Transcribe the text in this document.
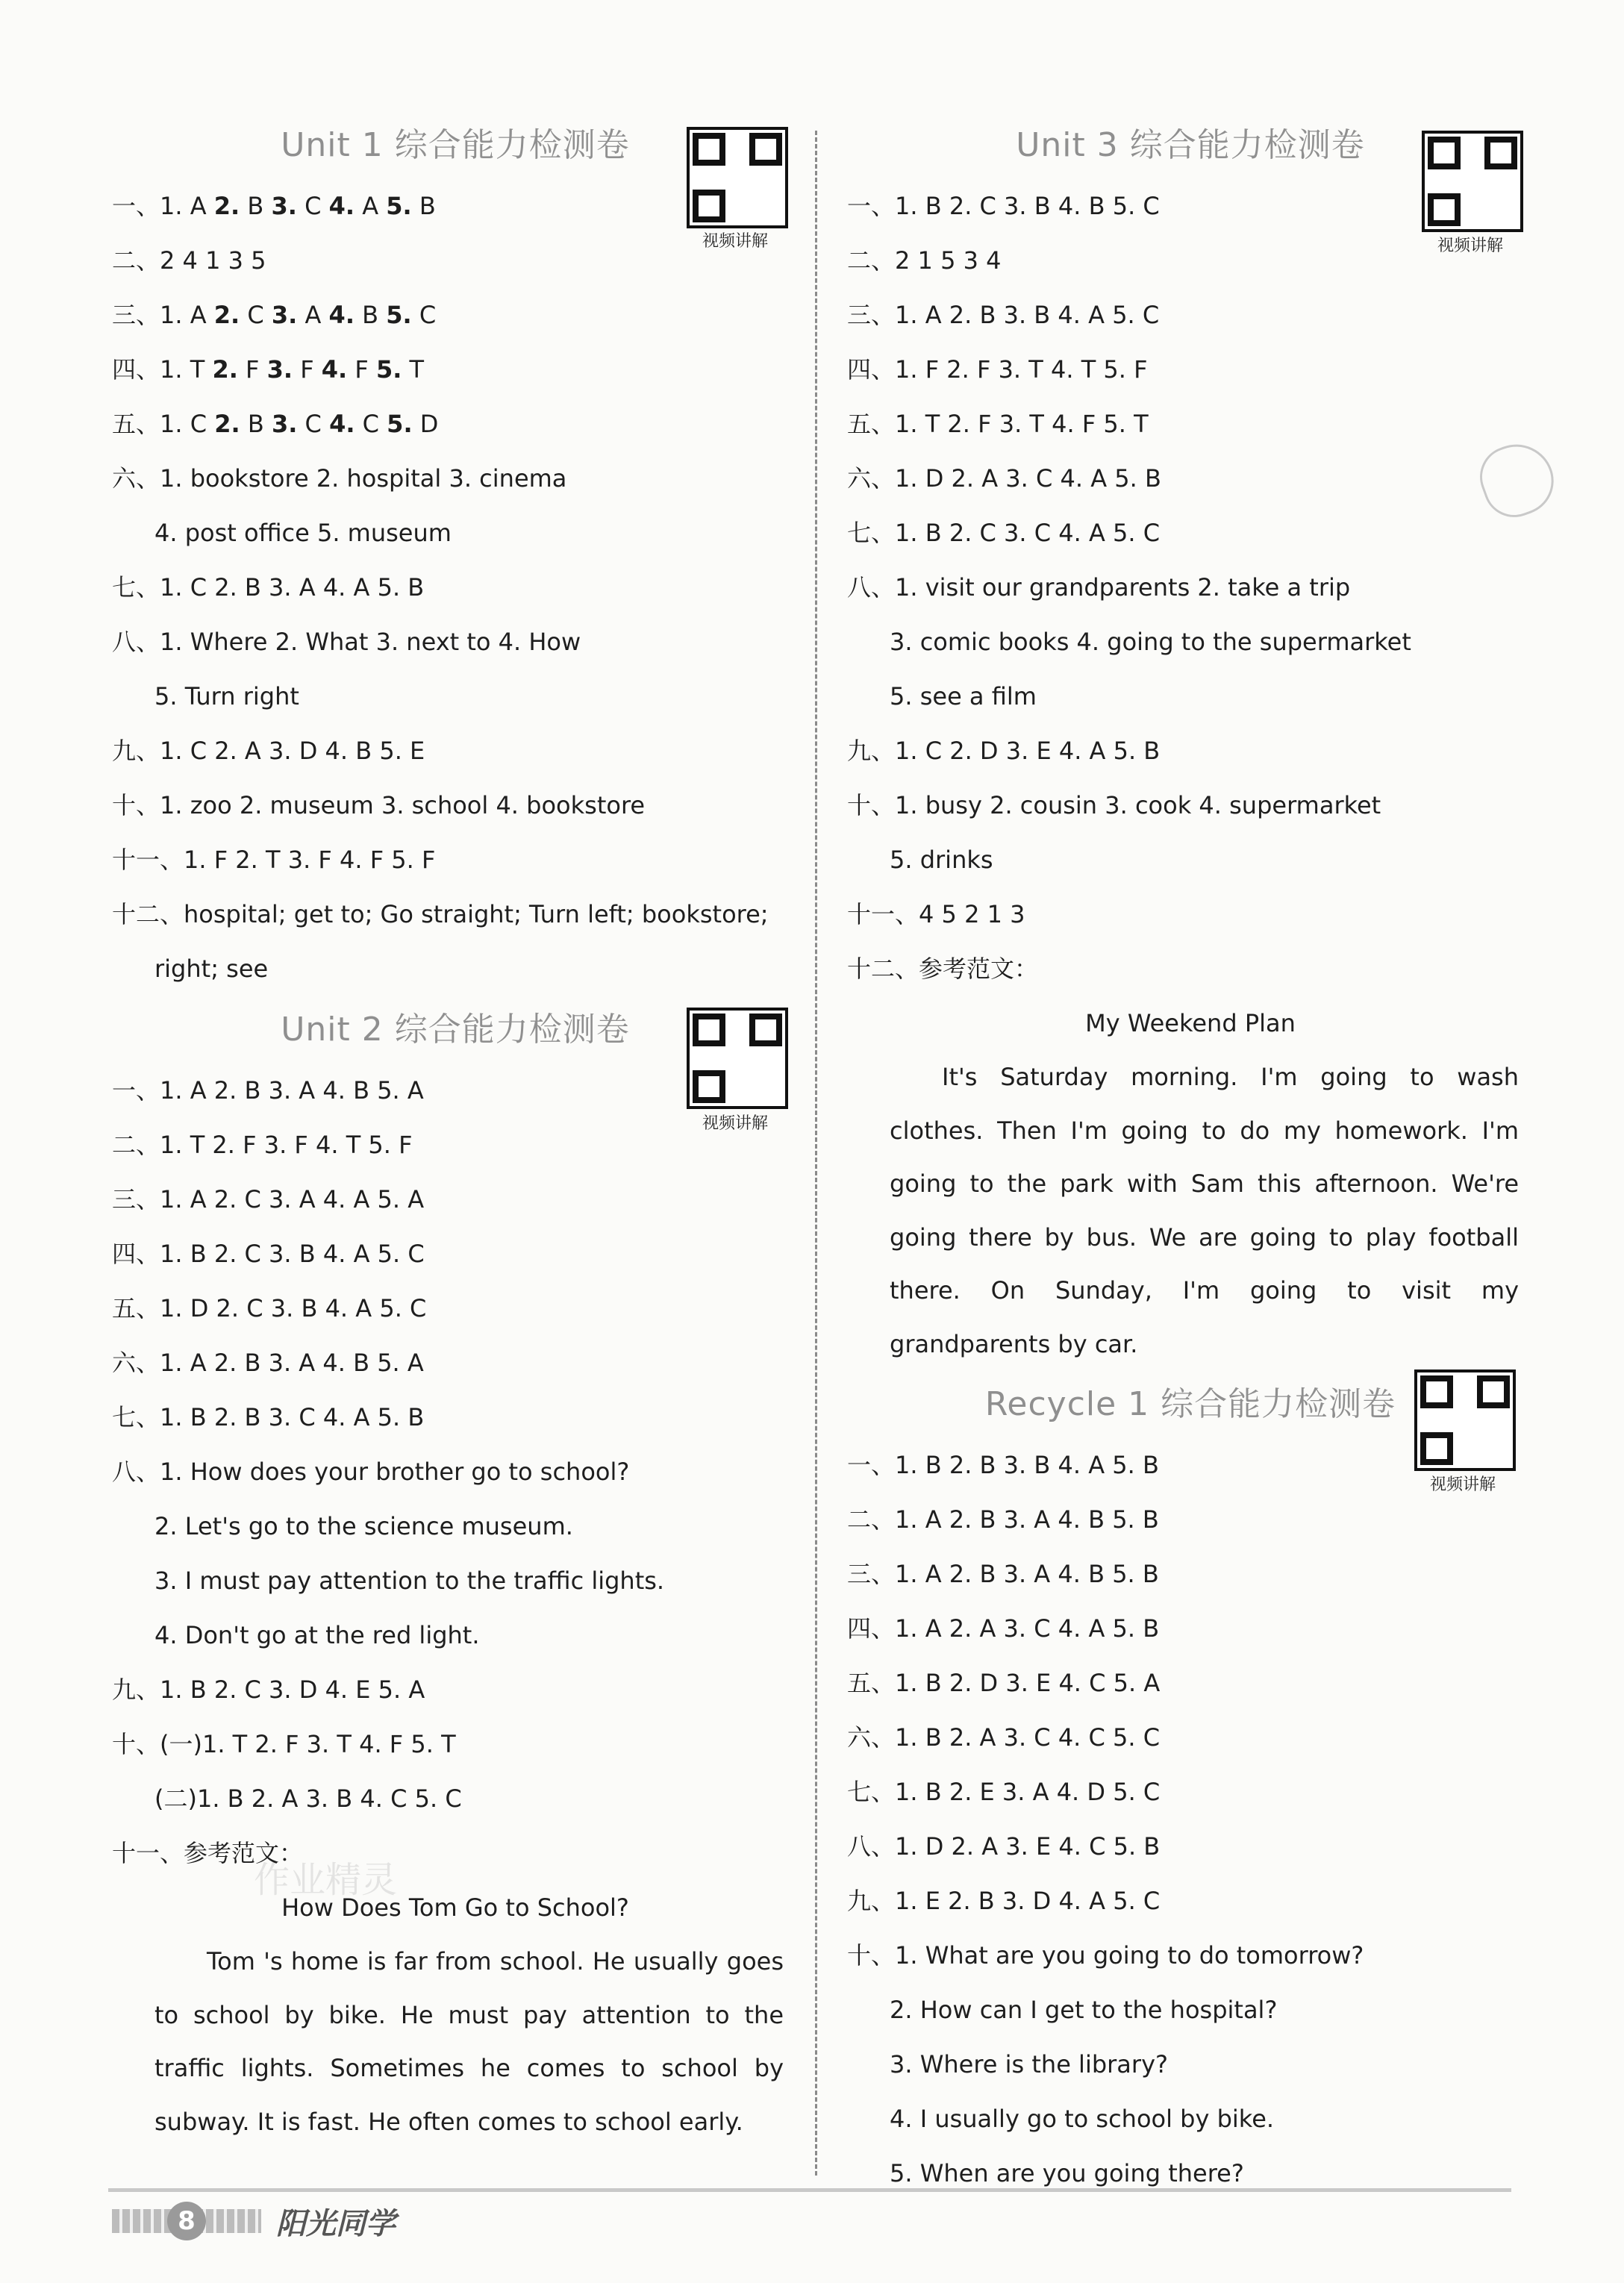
Unit 1 综合能力检测卷
一、1. A 2. B 3. C 4. A 5. B
二、2 4 1 3 5
三、1. A 2. C 3. A 4. B 5. C
四、1. T 2. F 3. F 4. F 5. T
五、1. C 2. B 3. C 4. C 5. D
六、1. bookstore 2. hospital 3. cinema
4. post office 5. museum
七、1. C 2. B 3. A 4. A 5. B
八、1. Where 2. What 3. next to 4. How
5. Turn right
九、1. C 2. A 3. D 4. B 5. E
十、1. zoo 2. museum 3. school 4. bookstore
十一、1. F 2. T 3. F 4. F 5. F
十二、hospital; get to; Go straight; Turn left; bookstore;
right; see
Unit 2 综合能力检测卷
一、1. A 2. B 3. A 4. B 5. A
二、1. T 2. F 3. F 4. T 5. F
三、1. A 2. C 3. A 4. A 5. A
四、1. B 2. C 3. B 4. A 5. C
五、1. D 2. C 3. B 4. A 5. C
六、1. A 2. B 3. A 4. B 5. A
七、1. B 2. B 3. C 4. A 5. B
八、1. How does your brother go to school?
2. Let's go to the science museum.
3. I must pay attention to the traffic lights.
4. Don't go at the red light.
九、1. B 2. C 3. D 4. E 5. A
十、(一)1. T 2. F 3. T 4. F 5. T
(二)1. B 2. A 3. B 4. C 5. C
十一、参考范文：
How Does Tom Go to School?
Tom 's home is far from school. He usually goes to school by bike. He must pay attention to the traffic lights. Sometimes he comes to school by subway. It is fast. He often comes to school early.
Unit 3 综合能力检测卷
一、1. B 2. C 3. B 4. B 5. C
二、2 1 5 3 4
三、1. A 2. B 3. B 4. A 5. C
四、1. F 2. F 3. T 4. T 5. F
五、1. T 2. F 3. T 4. F 5. T
六、1. D 2. A 3. C 4. A 5. B
七、1. B 2. C 3. C 4. A 5. C
八、1. visit our grandparents 2. take a trip
3. comic books 4. going to the supermarket
5. see a film
九、1. C 2. D 3. E 4. A 5. B
十、1. busy 2. cousin 3. cook 4. supermarket
5. drinks
十一、4 5 2 1 3
十二、参考范文：
My Weekend Plan
It's Saturday morning. I'm going to wash clothes. Then I'm going to do my homework. I'm going to the park with Sam this afternoon. We're going there by bus. We are going to play football there. On Sunday, I'm going to visit my grandparents by car.
Recycle 1 综合能力检测卷
一、1. B 2. B 3. B 4. A 5. B
二、1. A 2. B 3. A 4. B 5. B
三、1. A 2. B 3. A 4. B 5. B
四、1. A 2. A 3. C 4. A 5. B
五、1. B 2. D 3. E 4. C 5. A
六、1. B 2. A 3. C 4. C 5. C
七、1. B 2. E 3. A 4. D 5. C
八、1. D 2. A 3. E 4. C 5. B
九、1. E 2. B 3. D 4. A 5. C
十、1. What are you going to do tomorrow?
2. How can I get to the hospital?
3. Where is the library?
4. I usually go to school by bike.
5. When are you going there?
视频讲解
视频讲解
视频讲解
视频讲解
作业精灵
8	阳光同学
